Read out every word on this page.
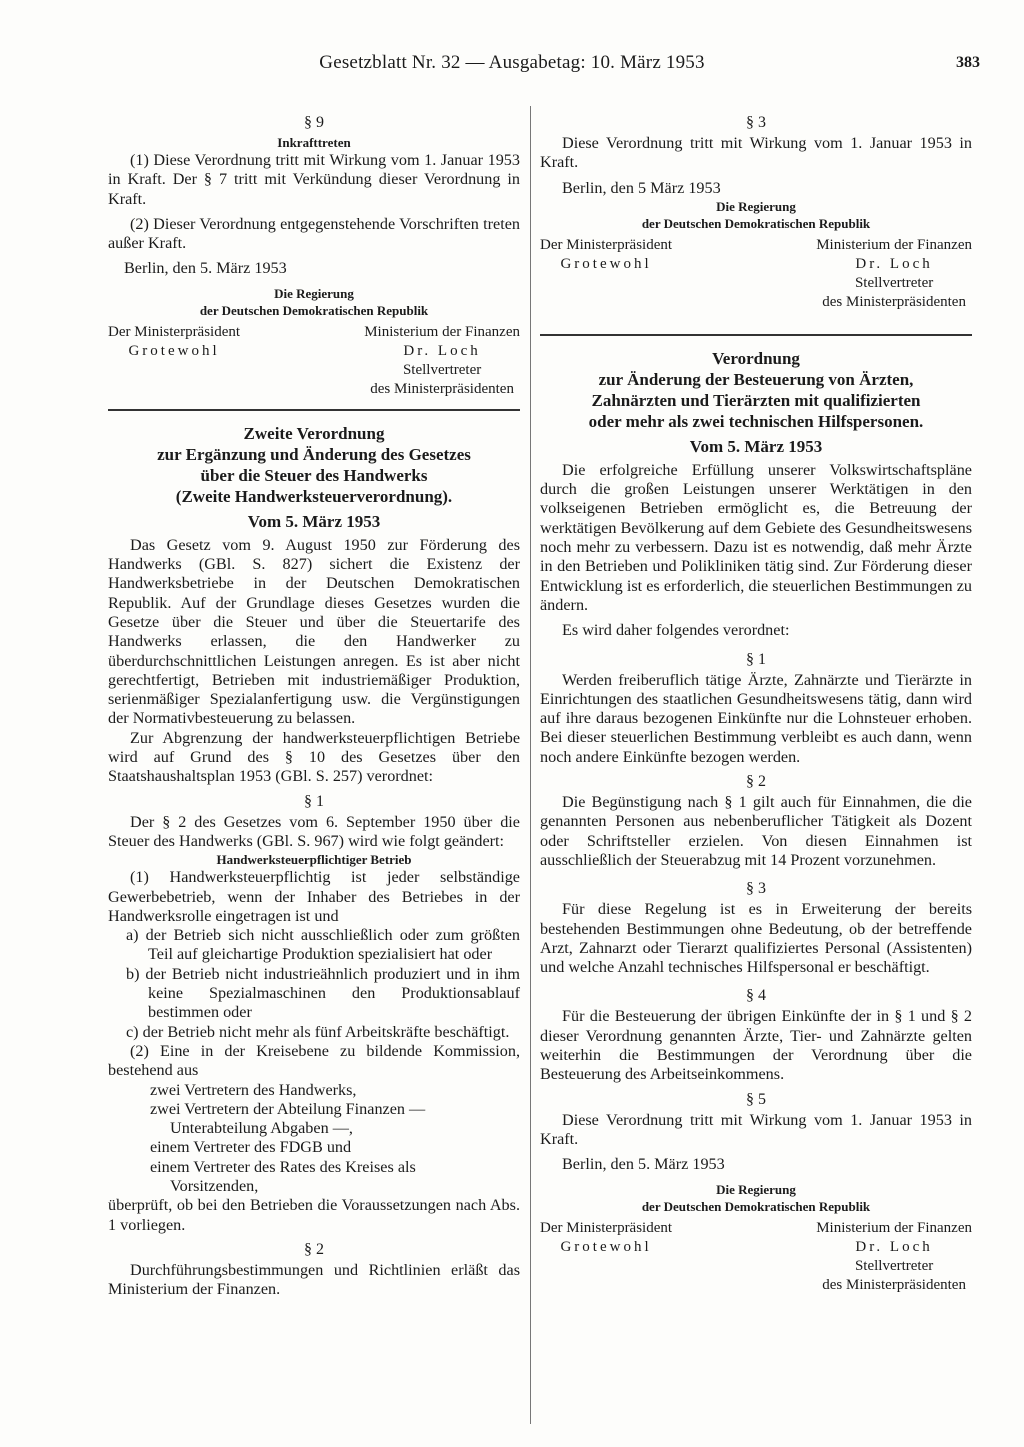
Gesetzblatt Nr. 32 — Ausgabetag: 10. März 1953	383
§ 9
Inkrafttreten

(1) Diese Verordnung tritt mit Wirkung vom 1. Januar 1953 in Kraft. Der § 7 tritt mit Verkündung dieser Verordnung in Kraft.

(2) Dieser Verordnung entgegenstehende Vorschriften treten außer Kraft.

Berlin, den 5. März 1953

Die Regierung
der Deutschen Demokratischen Republik
Der Ministerpräsident
Grotewohl
Ministerium der Finanzen
Dr. Loch
Stellvertreter
des Ministerpräsidenten
Zweite Verordnung
zur Ergänzung und Änderung des Gesetzes
über die Steuer des Handwerks
(Zweite Handwerksteuerverordnung).
Vom 5. März 1953

Das Gesetz vom 9. August 1950 zur Förderung des Handwerks (GBl. S. 827) sichert die Existenz der Handwerksbetriebe in der Deutschen Demokratischen Republik. Auf der Grundlage dieses Gesetzes wurden die Gesetze über die Steuer und über die Steuertarife des Handwerks erlassen, die den Handwerker zu überdurchschnittlichen Leistungen anregen. Es ist aber nicht gerechtfertigt, Betrieben mit industriemäßiger Produktion, serienmäßiger Spezialanfertigung usw. die Vergünstigungen der Normativbesteuerung zu belassen.

Zur Abgrenzung der handwerksteuerpflichtigen Betriebe wird auf Grund des § 10 des Gesetzes über den Staatshaushaltsplan 1953 (GBl. S. 257) verordnet:

§ 1

Der § 2 des Gesetzes vom 6. September 1950 über die Steuer des Handwerks (GBl. S. 967) wird wie folgt geändert:

Handwerksteuerpflichtiger Betrieb

(1) Handwerksteuerpflichtig ist jeder selbständige Gewerbebetrieb, wenn der Inhaber des Betriebes in der Handwerksrolle eingetragen ist und

a) der Betrieb sich nicht ausschließlich oder zum größten Teil auf gleichartige Produktion spezialisiert hat oder

b) der Betrieb nicht industrieähnlich produziert und in ihm keine Spezialmaschinen den Produktionsablauf bestimmen oder

c) der Betrieb nicht mehr als fünf Arbeitskräfte beschäftigt.

(2) Eine in der Kreisebene zu bildende Kommission, bestehend aus

zwei Vertretern des Handwerks,

zwei Vertretern der Abteilung Finanzen —

Unterabteilung Abgaben —,

einem Vertreter des FDGB und

einem Vertreter des Rates des Kreises als

Vorsitzenden,

überprüft, ob bei den Betrieben die Voraussetzungen nach Abs. 1 vorliegen.

§ 2

Durchführungsbestimmungen und Richtlinien erläßt das Ministerium der Finanzen.

§ 3

Diese Verordnung tritt mit Wirkung vom 1. Januar 1953 in Kraft.

Berlin, den 5 März 1953

Die Regierung
der Deutschen Demokratischen Republik
Der Ministerpräsident
Grotewohl
Ministerium der Finanzen
Dr. Loch
Stellvertreter
des Ministerpräsidenten
Verordnung
zur Änderung der Besteuerung von Ärzten,
Zahnärzten und Tierärzten mit qualifizierten
oder mehr als zwei technischen Hilfspersonen.
Vom 5. März 1953

Die erfolgreiche Erfüllung unserer Volkswirtschaftspläne durch die großen Leistungen unserer Werktätigen in den volkseigenen Betrieben ermöglicht es, die Betreuung der werktätigen Bevölkerung auf dem Gebiete des Gesundheitswesens noch mehr zu verbessern. Dazu ist es notwendig, daß mehr Ärzte in den Betrieben und Polikliniken tätig sind. Zur Förderung dieser Entwicklung ist es erforderlich, die steuerlichen Bestimmungen zu ändern.

Es wird daher folgendes verordnet:

§ 1

Werden freiberuflich tätige Ärzte, Zahnärzte und Tierärzte in Einrichtungen des staatlichen Gesundheitswesens tätig, dann wird auf ihre daraus bezogenen Einkünfte nur die Lohnsteuer erhoben. Bei dieser steuerlichen Bestimmung verbleibt es auch dann, wenn noch andere Einkünfte bezogen werden.

§ 2

Die Begünstigung nach § 1 gilt auch für Einnahmen, die die genannten Personen aus nebenberuflicher Tätigkeit als Dozent oder Schriftsteller erzielen. Von diesen Einnahmen ist ausschließlich der Steuerabzug mit 14 Prozent vorzunehmen.

§ 3

Für diese Regelung ist es in Erweiterung der bereits bestehenden Bestimmungen ohne Bedeutung, ob der betreffende Arzt, Zahnarzt oder Tierarzt qualifiziertes Personal (Assistenten) und welche Anzahl technisches Hilfspersonal er beschäftigt.

§ 4

Für die Besteuerung der übrigen Einkünfte der in § 1 und § 2 dieser Verordnung genannten Ärzte, Tier- und Zahnärzte gelten weiterhin die Bestimmungen der Verordnung über die Besteuerung des Arbeitseinkommens.

§ 5

Diese Verordnung tritt mit Wirkung vom 1. Januar 1953 in Kraft.

Berlin, den 5. März 1953

Die Regierung
der Deutschen Demokratischen Republik
Der Ministerpräsident
Grotewohl
Ministerium der Finanzen
Dr. Loch
Stellvertreter
des Ministerpräsidenten
